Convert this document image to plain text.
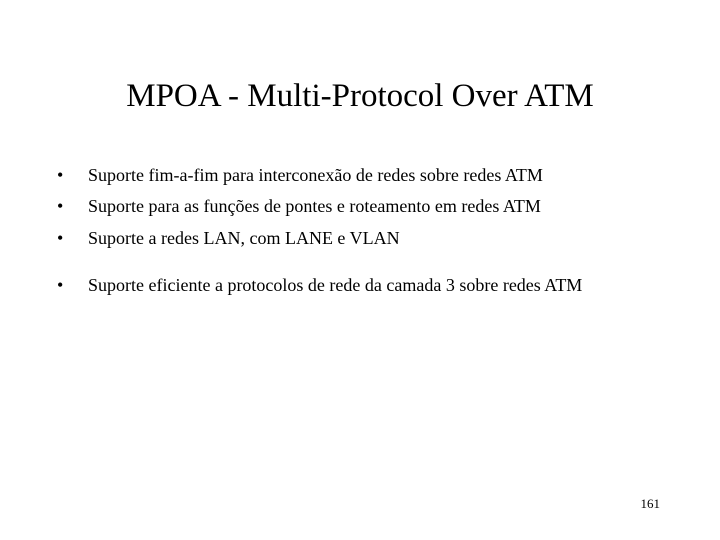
MPOA - Multi-Protocol Over ATM
•	Suporte fim-a-fim para interconexão de redes sobre redes ATM
•	Suporte para as funções de pontes e roteamento em redes ATM
•	Suporte a redes LAN, com LANE e VLAN
•	Suporte eficiente a protocolos de rede da camada 3 sobre redes ATM
161
